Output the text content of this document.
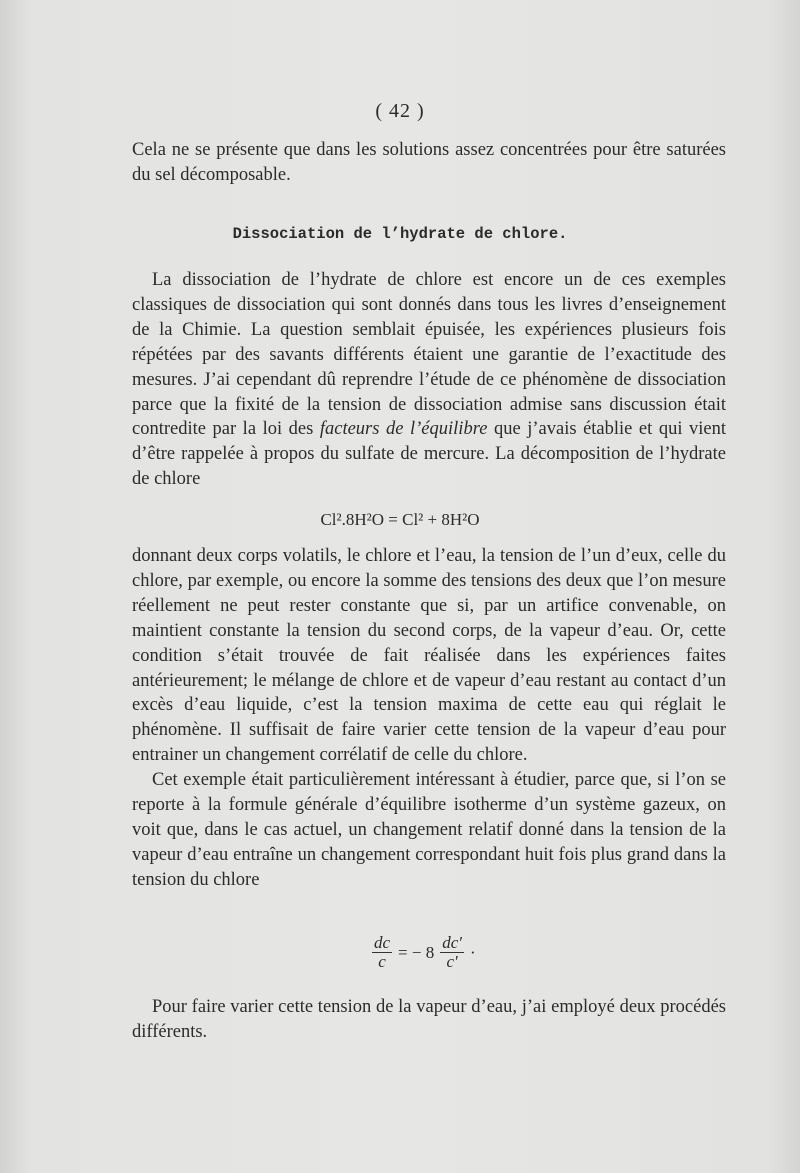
( 42 )

Cela ne se présente que dans les solutions assez concentrées pour être saturées du sel décomposable.

Dissociation de l’hydrate de chlore.

La dissociation de l’hydrate de chlore est encore un de ces exemples classiques de dissociation qui sont donnés dans tous les livres d’enseignement de la Chimie. La question semblait épuisée, les expériences plusieurs fois répétées par des savants différents étaient une garantie de l’exactitude des mesures. J’ai cependant dû reprendre l’étude de ce phénomène de dissociation parce que la fixité de la tension de dissociation admise sans discussion était contredite par la loi des facteurs de l’équilibre que j’avais établie et qui vient d’être rappelée à propos du sulfate de mercure. La décomposition de l’hydrate de chlore

Cl².8H²O = Cl² + 8H²O

donnant deux corps volatils, le chlore et l’eau, la tension de l’un d’eux, celle du chlore, par exemple, ou encore la somme des tensions des deux que l’on mesure réellement ne peut rester constante que si, par un artifice convenable, on maintient constante la tension du second corps, de la vapeur d’eau. Or, cette condition s’était trouvée de fait réalisée dans les expériences faites antérieurement; le mélange de chlore et de vapeur d’eau restant au contact d’un excès d’eau liquide, c’est la tension maxima de cette eau qui réglait le phénomène. Il suffisait de faire varier cette tension de la vapeur d’eau pour entrainer un changement corrélatif de celle du chlore.

Cet exemple était particulièrement intéressant à étudier, parce que, si l’on se reporte à la formule générale d’équilibre isotherme d’un système gazeux, on voit que, dans le cas actuel, un changement relatif donné dans la tension de la vapeur d’eau entraîne un changement correspondant huit fois plus grand dans la tension du chlore

$\frac{dc}{c}$ = − $8 \frac{dc'}{c'}$ ·

Pour faire varier cette tension de la vapeur d’eau, j’ai employé deux procédés différents.
